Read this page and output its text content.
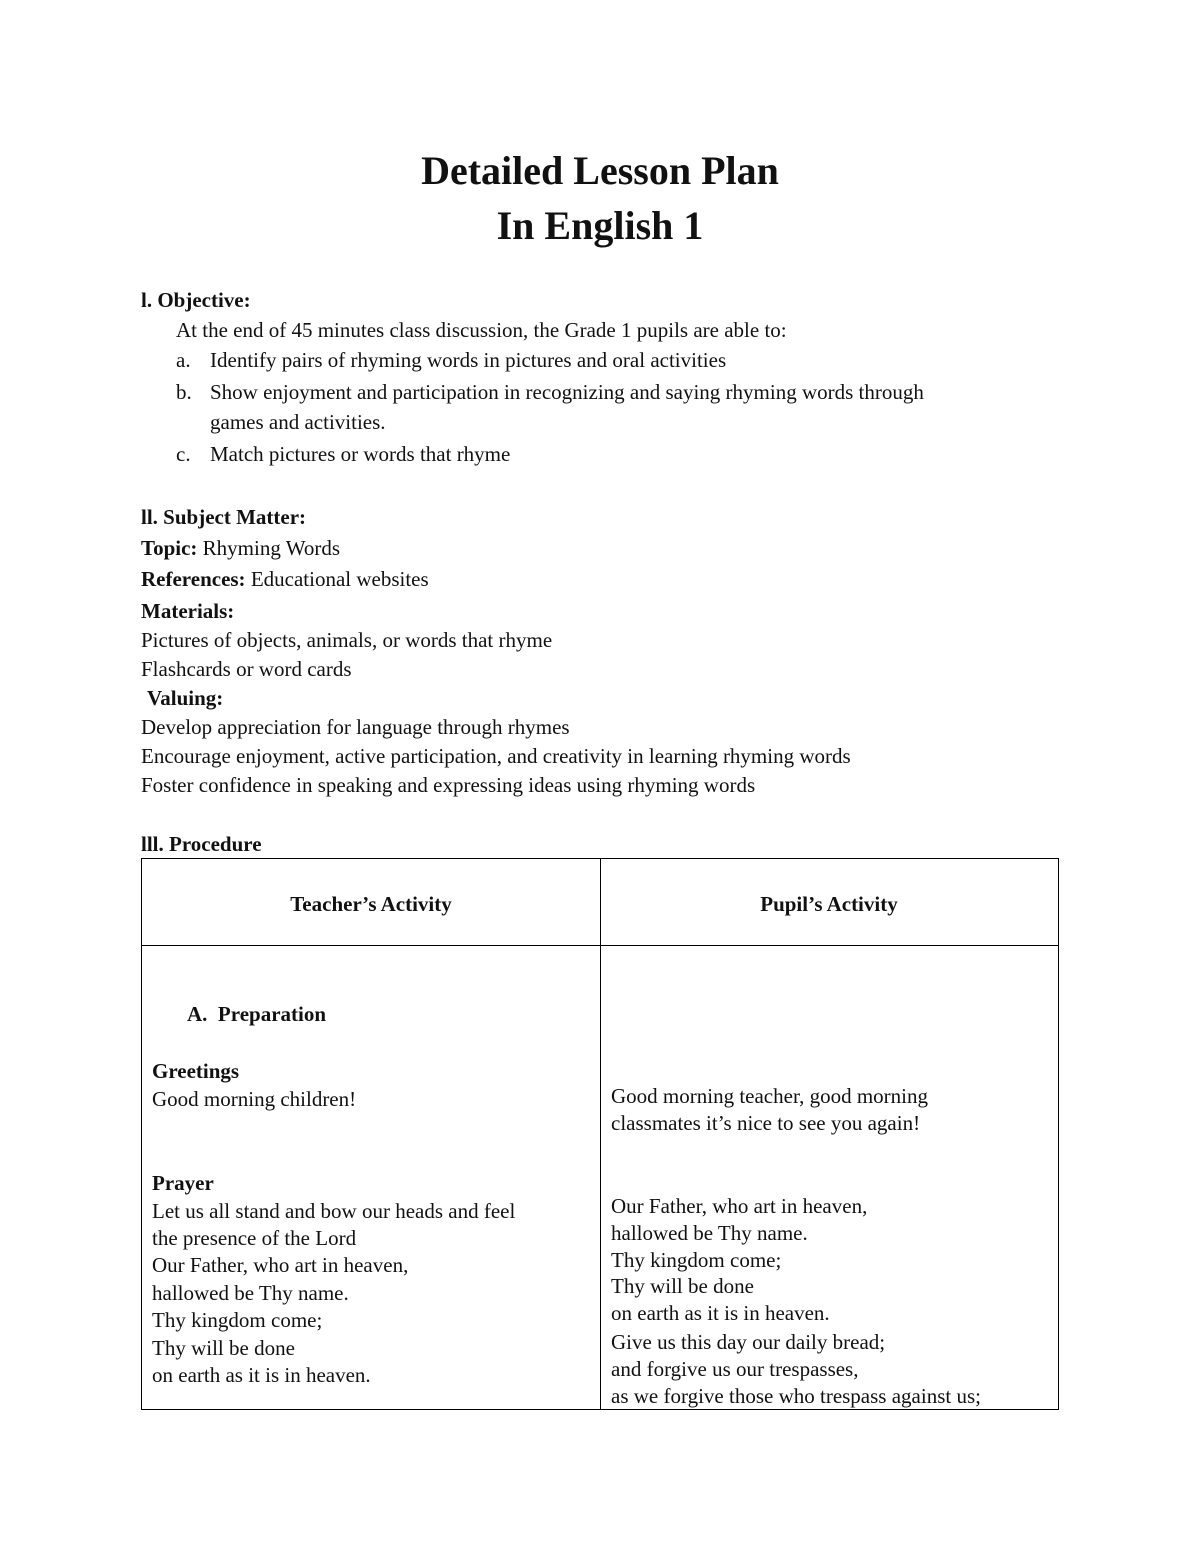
Detailed Lesson Plan
In English 1

l. Objective:

At the end of 45 minutes class discussion, the Grade 1 pupils are able to:

a. Identify pairs of rhyming words in pictures and oral activities

b. Show enjoyment and participation in recognizing and saying rhyming words through

games and activities.

c. Match pictures or words that rhyme

ll. Subject Matter:

Topic: Rhyming Words

References: Educational websites

Materials:

Pictures of objects, animals, or words that rhyme

Flashcards or word cards

Valuing:

Develop appreciation for language through rhymes

Encourage enjoyment, active participation, and creativity in learning rhyming words

Foster confidence in speaking and expressing ideas using rhyming words

lll. Procedure

Teacher’s Activity	Pupil’s Activity

A. Preparation

Greetings

Good morning children!

Prayer

Let us all stand and bow our heads and feel

the presence of the Lord

Our Father, who art in heaven,

hallowed be Thy name.

Thy kingdom come;

Thy will be done

on earth as it is in heaven.

Good morning teacher, good morning

classmates it’s nice to see you again!

Our Father, who art in heaven,

hallowed be Thy name.

Thy kingdom come;

Thy will be done

on earth as it is in heaven.

Give us this day our daily bread;

and forgive us our trespasses,

as we forgive those who trespass against us;
